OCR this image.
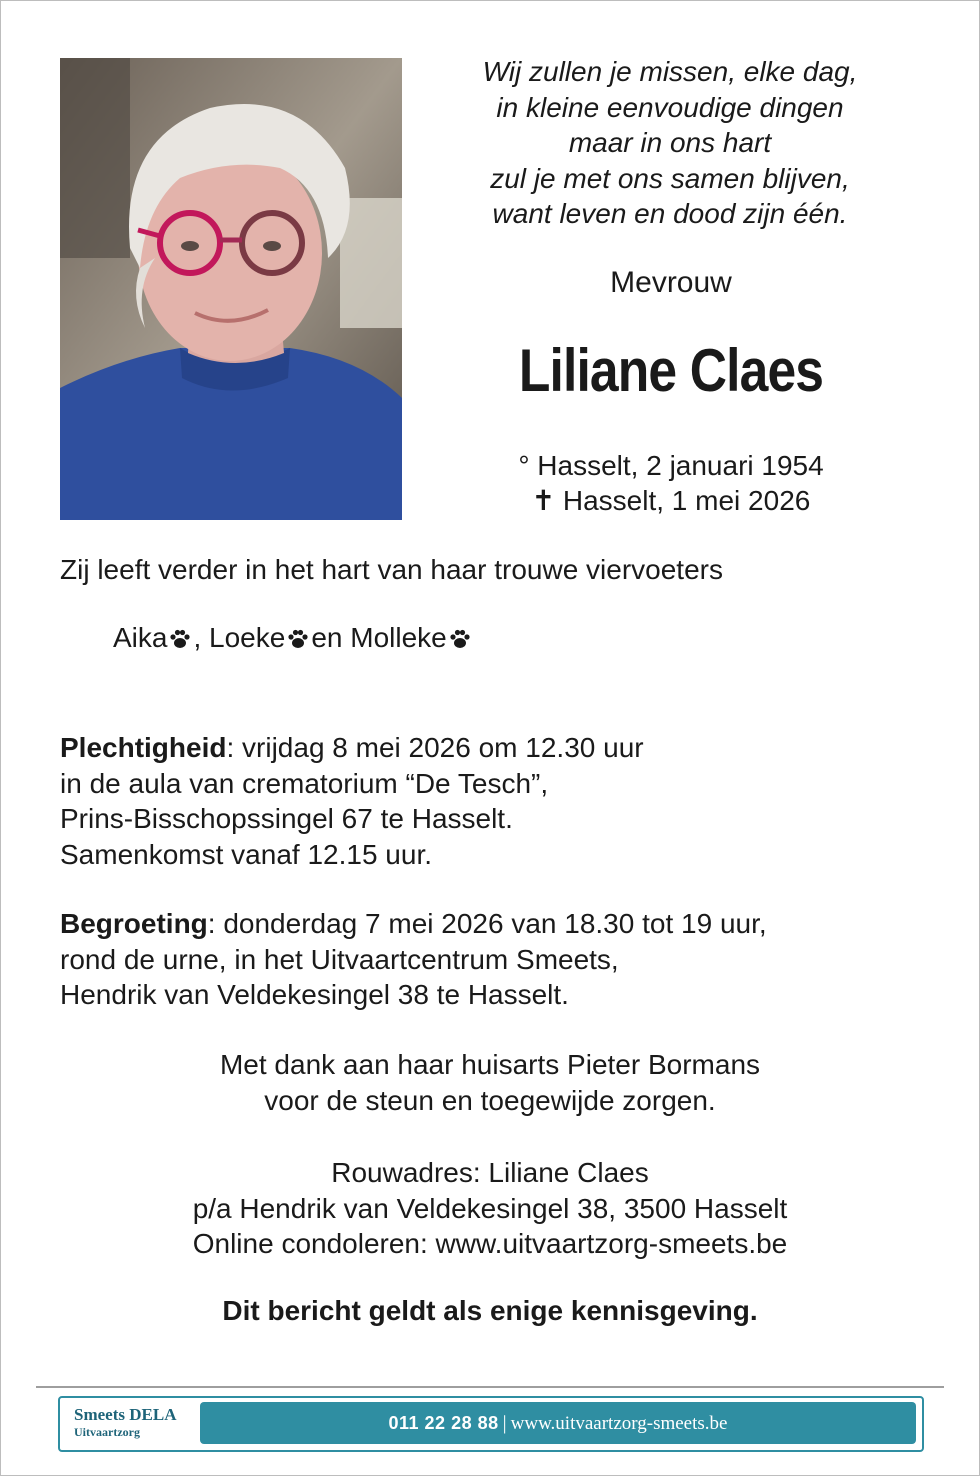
Wij zullen je missen, elke dag,
in kleine eenvoudige dingen
maar in ons hart
zul je met ons samen blijven,
want leven en dood zijn één.
Mevrouw
Liliane Claes
° Hasselt, 2 januari 1954
✝ Hasselt, 1 mei 2026
Zij leeft verder in het hart van haar trouwe viervoeters
Aika , Loeke en Molleke
Plechtigheid: vrijdag 8 mei 2026 om 12.30 uur
in de aula van crematorium “De Tesch”,
Prins-Bisschopssingel 67 te Hasselt.
Samenkomst vanaf 12.15 uur.
Begroeting: donderdag 7 mei 2026 van 18.30 tot 19 uur,
rond de urne, in het Uitvaartcentrum Smeets,
Hendrik van Veldekesingel 38 te Hasselt.
Met dank aan haar huisarts Pieter Bormans
voor de steun en toegewijde zorgen.
Rouwadres: Liliane Claes
p/a Hendrik van Veldekesingel 38, 3500 Hasselt
Online condoleren: www.uitvaartzorg-smeets.be
Dit bericht geldt als enige kennisgeving.
Smeets DELA
Uitvaartzorg	011 22 28 88 | www.uitvaartzorg-smeets.be
